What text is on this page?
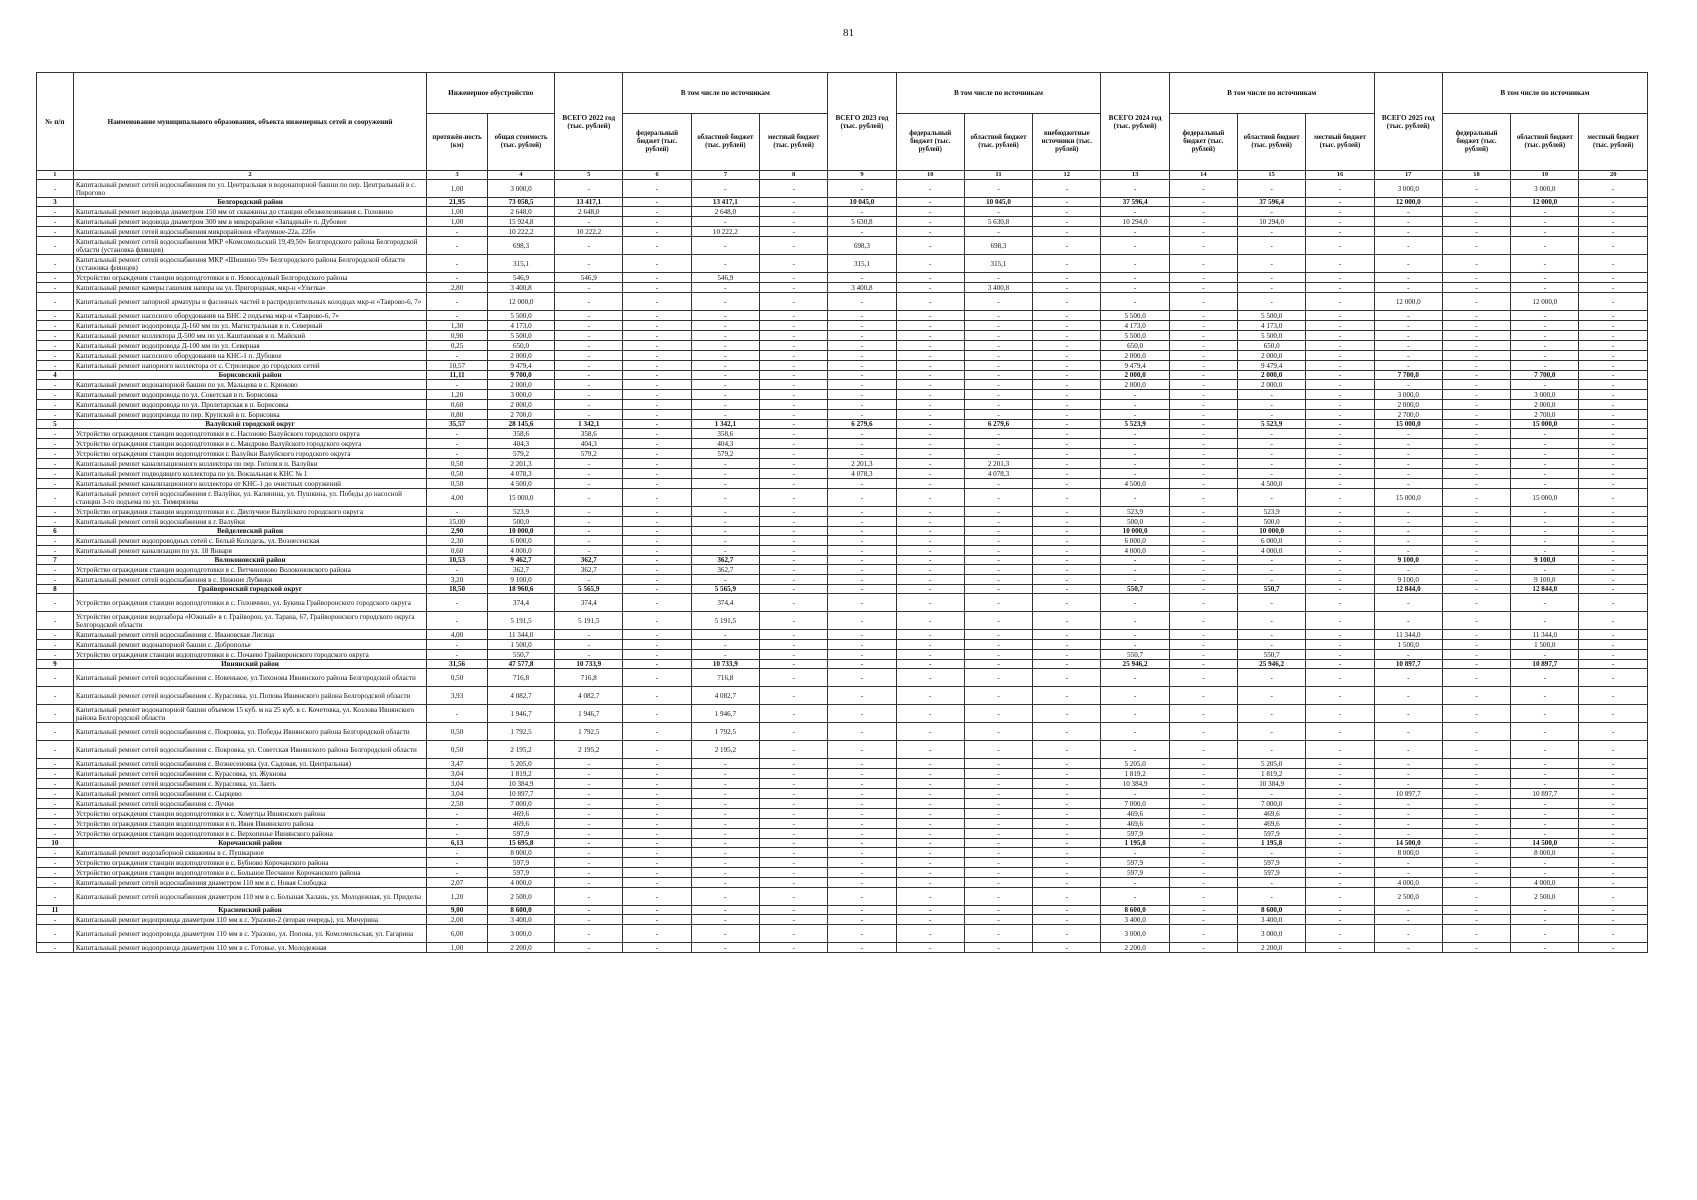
81
№ п/п	Наименование муниципального образования, объекта инженерных сетей и сооружений	Инженерное обустройство		ВСЕГО 2022 год (тыс. рублей)	В том числе по источникам			ВСЕГО 2023 год (тыс. рублей)	В том числе по источникам			ВСЕГО 2024 год (тыс. рублей)	В том числе по источникам			ВСЕГО 2025 год (тыс. рублей)	В том числе по источникам		
		протяжён-ность (км)	общая стоимость (тыс. рублей)		федеральный бюджет (тыс. рублей)	областной бюджет (тыс. рублей)	местный бюджет (тыс. рублей)		федеральный бюджет (тыс. рублей)	областной бюджет (тыс. рублей)	внебюджетные источники (тыс. рублей)		федеральный бюджет (тыс. рублей)	областной бюджет (тыс. рублей)	местный бюджет (тыс. рублей)		федеральный бюджет (тыс. рублей)	областной бюджет (тыс. рублей)	местный бюджет (тыс. рублей)
1	2	3	4	5	6	7	8	9	10	11	12	13	14	15	16	17	18	19	20
-	Капитальный ремонт сетей водоснабжения по ул. Центральная и водонапорной башни по пер. Центральный в с. Пироговo	1,00	3 000,0	-	-	-	-	-	-	-	-	-	-	-	-	3 000,0	-	3 000,0	-
3	Белгородский район	21,95	73 058,5	13 417,1	-	13 417,1	-	10 045,0	-	10 045,0	-	37 596,4	-	37 596,4	-	12 000,0	-	12 000,0	-
-	Капитальный ремонт водовода диаметром 150 мм от скважины до станции обезжелезивания с. Головино	1,00	2 648,0	2 648,0	-	2 648,0	-	-	-	-	-	-	-	-	-	-	-	-	-
-	Капитальный ремонт водовода диаметром 300 мм в микрорайоне «Западный» п. Дубовое	1,00	15 924,8	-	-	-	-	5 630,8	-	5 630,8	-	10 294,0	-	10 294,0	-	-	-	-	-
-	Капитальный ремонт сетей водоснабжения микрорайонов «Разумное-22а, 22б»	-	10 222,2	10 222,2	-	10 222,2	-	-	-	-	-	-	-	-	-	-	-	-	-
-	Капитальный ремонт сетей водоснабжения МКР «Комсомольский 19,49,50» Белгородского района Белгородской области (установка флянцев)	-	698,3	-	-	-	-	698,3	-	698,3	-	-	-	-	-	-	-	-	-
-	Капитальный ремонт сетей водоснабжения МКР «Шишино 59» Белгородского района Белгородской области (установка флянцев)	-	315,1	-	-	-	-	315,1	-	315,1	-	-	-	-	-	-	-	-	-
-	Устройство ограждения станции водоподготовки в п. Новосадовый Белгородского района	-	546,9	546,9	-	546,9	-	-	-	-	-	-	-	-	-	-	-	-	-
-	Капитальный ремонт камеры гашения напора на ул. Пригородная, мкр-н «Улитка»	2,80	3 400,8	-	-	-	-	3 400,8	-	3 400,8	-	-	-	-	-	-	-	-	-
-	Капитальный ремонт запорной арматуры и фасонных частей в распределительных колодцах мкр-н «Таврово-6, 7»	-	12 000,0	-	-	-	-	-	-	-	-	-	-	-	-	12 000,0	-	12 000,0	-
-	Капитальный ремонт насосного оборудования на ВНС 2 подъема мкр-н «Таврово-6, 7»	-	5 500,0	-	-	-	-	-	-	-	-	5 500,0	-	5 500,0	-	-	-	-	-
-	Капитальный ремонт водопровода Д-160 мм по ул. Магистральная в п. Северный	1,30	4 173,0	-	-	-	-	-	-	-	-	4 173,0	-	4 173,0	-	-	-	-	-
-	Капитальный ремонт коллектора Д-500 мм по ул. Каштановая в п. Майский	0,90	5 500,0	-	-	-	-	-	-	-	-	5 500,0	-	5 500,0	-	-	-	-	-
-	Капитальный ремонт водопровода Д-100 мм по ул. Северная	0,25	650,0	-	-	-	-	-	-	-	-	650,0	-	650,0	-	-	-	-	-
-	Капитальный ремонт насосного оборудования на КНС-1 п. Дубовое	-	2 000,0	-	-	-	-	-	-	-	-	2 000,0	-	2 000,0	-	-	-	-	-
-	Капитальный ремонт напорного коллектора от с. Стрелецкое до городских сетей	10,57	9 479,4	-	-	-	-	-	-	-	-	9 479,4	-	9 479,4	-	-	-	-	-
4	Борисовский район	11,11	9 700,0	-	-	-	-	-	-	-	-	2 000,0	-	2 000,0	-	7 700,0	-	7 700,0	-
-	Капитальный ремонт водонапорной башни по ул. Мальцева в с. Крюково	-	2 000,0	-	-	-	-	-	-	-	-	2 000,0	-	2 000,0	-	-	-	-	-
-	Капитальный ремонт водопровода по ул. Советская в п. Борисовка	1,20	3 000,0	-	-	-	-	-	-	-	-	-	-	-	-	3 000,0	-	3 000,0	-
-	Капитальный ремонт водопровода по ул. Пролетарская в п. Борисовка	0,60	2 000,0	-	-	-	-	-	-	-	-	-	-	-	-	2 000,0	-	2 000,0	-
-	Капитальный ремонт водопровода по пер. Крупской в п. Борисовка	0,80	2 700,0	-	-	-	-	-	-	-	-	-	-	-	-	2 700,0	-	2 700,0	-
5	Валуйский городской округ	35,57	28 145,6	1 342,1	-	1 342,1	-	6 279,6	-	6 279,6	-	5 523,9	-	5 523,9	-	15 000,0	-	15 000,0	-
-	Устройство ограждения станции водоподготовки в с. Насоново Валуйского городского округа	-	358,6	358,6	-	358,6	-	-	-	-	-	-	-	-	-	-	-	-	-
-	Устройство ограждения станции водоподготовки в с. Мандрово Валуйского городского округа	-	404,3	404,3	-	404,3	-	-	-	-	-	-	-	-	-	-	-	-	-
-	Устройство ограждения станции водоподготовки г. Валуйки Валуйского городского округа	-	579,2	579,2	-	579,2	-	-	-	-	-	-	-	-	-	-	-	-	-
-	Капитальный ремонт канализационного коллектора по пер. Гоголя в п. Валуйки	0,50	2 201,3	-	-	-	-	2 201,3	-	2 201,3	-	-	-	-	-	-	-	-	-
-	Капитальный ремонт подводящего коллектора по ул. Вокзальная к КНС № 1	0,50	4 078,3	-	-	-	-	4 078,3	-	4 078,3	-	-	-	-	-	-	-	-	-
-	Капитальный ремонт канализационного коллектора от КНС-1 до очистных сооружений	0,50	4 500,0	-	-	-	-	-	-	-	-	4 500,0	-	4 500,0	-	-	-	-	-
-	Капитальный ремонт сетей водоснабжения г. Валуйки, ул. Калинина, ул. Пушкина, ул. Победы до насосной станции 3-го подъема по ул. Тимирязева	4,00	15 000,0	-	-	-	-	-	-	-	-	-	-	-	-	15 000,0	-	15 000,0	-
-	Устройство ограждения станции водоподготовки в с. Двулучное Валуйского городского округа	-	523,9	-	-	-	-	-	-	-	-	523,9	-	523,9	-	-	-	-	-
-	Капитальный ремонт сетей водоснабжения в г. Валуйки	15,00	500,0	-	-	-	-	-	-	-	-	500,0	-	500,0	-	-	-	-	-
6	Вейделевский район	2,90	10 000,0	-	-	-	-	-	-	-	-	10 000,0	-	10 000,0	-	-	-	-	-
-	Капитальный ремонт водопроводных сетей с. Белый Колодезь, ул. Вознесенская	2,30	6 000,0	-	-	-	-	-	-	-	-	6 000,0	-	6 000,0	-	-	-	-	-
-	Капитальный ремонт канализации по ул. 18 Января	0,60	4 000,0	-	-	-	-	-	-	-	-	4 000,0	-	4 000,0	-	-	-	-	-
7	Волоконовский район	10,53	9 462,7	362,7	-	362,7	-	-	-	-	-	-	-	-	-	9 100,0	-	9 100,0	-
-	Устройство ограждения станции водоподготовки в с. Ветчининово Волоконовского района	-	362,7	362,7	-	362,7	-	-	-	-	-	-	-	-	-	-	-	-	-
-	Капитальный ремонт сетей водоснабжения в с. Нижние Лубянки	3,20	9 100,0	-	-	-	-	-	-	-	-	-	-	-	-	9 100,0	-	9 100,0	-
8	Грайворонский городской округ	18,50	18 960,6	5 565,9	-	5 565,9	-	-	-	-	-	550,7	-	550,7	-	12 844,0	-	12 844,0	-
-	Устройство ограждения станции водоподготовки в с. Головчино, ул. Букина Грайворонского городского округа	-	374,4	374,4	-	374,4	-	-	-	-	-	-	-	-	-	-	-	-	-
-	Устройство ограждения водозабора «Южный» в г. Грайворон, ул. Тарана, 67, Грайворонского городского округа Белгородской области	-	5 191,5	5 191,5	-	5 191,5	-	-	-	-	-	-	-	-	-	-	-	-	-
-	Капитальный ремонт сетей водоснабжения с. Ивановская Лисица	4,00	11 344,0	-	-	-	-	-	-	-	-	-	-	-	-	11 344,0	-	11 344,0	-
-	Капитальный ремонт водонапорной башни с. Доброполье	-	1 500,0	-	-	-	-	-	-	-	-	-	-	-	-	1 500,0	-	1 500,0	-
-	Устройство ограждения станции водоподготовки в с. Почаево Грайворонского городского округа	-	550,7	-	-	-	-	-	-	-	-	550,7	-	550,7	-	-	-	-	-
9	Ивнянский район	31,56	47 577,8	10 733,9	-	10 733,9	-	-	-	-	-	25 946,2	-	25 946,2	-	10 897,7	-	10 897,7	-
-	Капитальный ремонт сетей водоснабжения с. Новенькое, ул.Тихонова Ивнянского района Белгородской области	0,50	716,8	716,8	-	716,8	-	-	-	-	-	-	-	-	-	-	-	-	-
-	Капитальный ремонт сетей водоснабжения с. Курасовка, ул. Попова Ивнянского района Белгородской области	3,93	4 082,7	4 082,7	-	4 082,7	-	-	-	-	-	-	-	-	-	-	-	-	-
-	Капитальный ремонт водонапорной башни объемом 15 куб. м на 25 куб. в с. Кочетовка, ул. Козлова Ивнянского района Белгородской области	-	1 946,7	1 946,7	-	1 946,7	-	-	-	-	-	-	-	-	-	-	-	-	-
-	Капитальный ремонт сетей водоснабжения с. Покровка, ул. Победы Ивнянского района Белгородской области	0,50	1 792,5	1 792,5	-	1 792,5	-	-	-	-	-	-	-	-	-	-	-	-	-
-	Капитальный ремонт сетей водоснабжения с. Покровка, ул. Советская Ивнянского района Белгородской области	0,50	2 195,2	2 195,2	-	2 195,2	-	-	-	-	-	-	-	-	-	-	-	-	-
-	Капитальный ремонт сетей водоснабжения с. Вознесеновка (ул. Садовая, ул. Центральная)	3,47	5 205,0	-	-	-	-	-	-	-	-	5 205,0	-	5 205,0	-	-	-	-	-
-	Капитальный ремонт сетей водоснабжения с. Курасовка, ул. Жукнова	3,04	1 819,2	-	-	-	-	-	-	-	-	1 819,2	-	1 819,2	-	-	-	-	-
-	Капитальный ремонт сетей водоснабжения с. Курасовка, ул. Заеть	3,04	10 384,9	-	-	-	-	-	-	-	-	10 384,9	-	10 384,9	-	-	-	-	-
-	Капитальный ремонт сетей водоснабжения с. Сырцево	3,04	10 897,7	-	-	-	-	-	-	-	-	-	-	-	-	10 897,7	-	10 897,7	-
-	Капитальный ремонт сетей водоснабжения с. Лучки	2,50	7 000,0	-	-	-	-	-	-	-	-	7 000,0	-	7 000,0	-	-	-	-	-
-	Устройство ограждения станции водоподготовки в с. Хомутцы Ивнянского района	-	469,6	-	-	-	-	-	-	-	-	469,6	-	469,6	-	-	-	-	-
-	Устройство ограждения станции водоподготовки в п. Ивня Ивнянского района	-	469,6	-	-	-	-	-	-	-	-	469,6	-	469,6	-	-	-	-	-
-	Устройство ограждения станции водоподготовки в с. Верхопенье Ивнянского района	-	597,9	-	-	-	-	-	-	-	-	597,9	-	597,9	-	-	-	-	-
10	Корочанский район	6,13	15 695,8	-	-	-	-	-	-	-	-	1 195,8	-	1 195,8	-	14 500,0	-	14 500,0	-
-	Капитальный ремонт водозаборной скважины в с. Пушкарное	-	8 000,0	-	-	-	-	-	-	-	-	-	-	-	-	8 000,0	-	8 000,0	-
-	Устройство ограждения станции водоподготовки в с. Бубново Корочанского района	-	597,9	-	-	-	-	-	-	-	-	597,9	-	597,9	-	-	-	-	-
-	Устройство ограждения станции водоподготовки в с. Большое Песчаное Корочанского района	-	597,9	-	-	-	-	-	-	-	-	597,9	-	597,9	-	-	-	-	-
-	Капитальный ремонт сетей водоснабжения диаметром 110 мм в с. Новая Слободка	2,07	4 000,0	-	-	-	-	-	-	-	-	-	-	-	-	4 000,0	-	4 000,0	-
-	Капитальный ремонт сетей водоснабжения диаметром 110 мм в с. Большая Халань, ул. Молодежная, ул. Приделы	1,20	2 500,0	-	-	-	-	-	-	-	-	-	-	-	-	2 500,0	-	2 500,0	-
11	Красненский район	9,00	8 600,0	-	-	-	-	-	-	-	-	8 600,0	-	8 600,0	-	-	-	-	-
-	Капитальный ремонт водопровода диаметром 110 мм в с. Уразово-2 (вторая очередь), ул. Мичурина	2,00	3 400,0	-	-	-	-	-	-	-	-	3 400,0	-	3 400,0	-	-	-	-	-
-	Капитальный ремонт водопровода диаметром 110 мм в с. Уразово, ул. Попова, ул. Комсомольская, ул. Гагарина	6,00	3 000,0	-	-	-	-	-	-	-	-	3 000,0	-	3 000,0	-	-	-	-	-
-	Капитальный ремонт водопровода диаметром 110 мм в с. Готовье, ул. Молодежная	1,00	2 200,0	-	-	-	-	-	-	-	-	2 200,0	-	2 200,0	-	-	-	-	-
